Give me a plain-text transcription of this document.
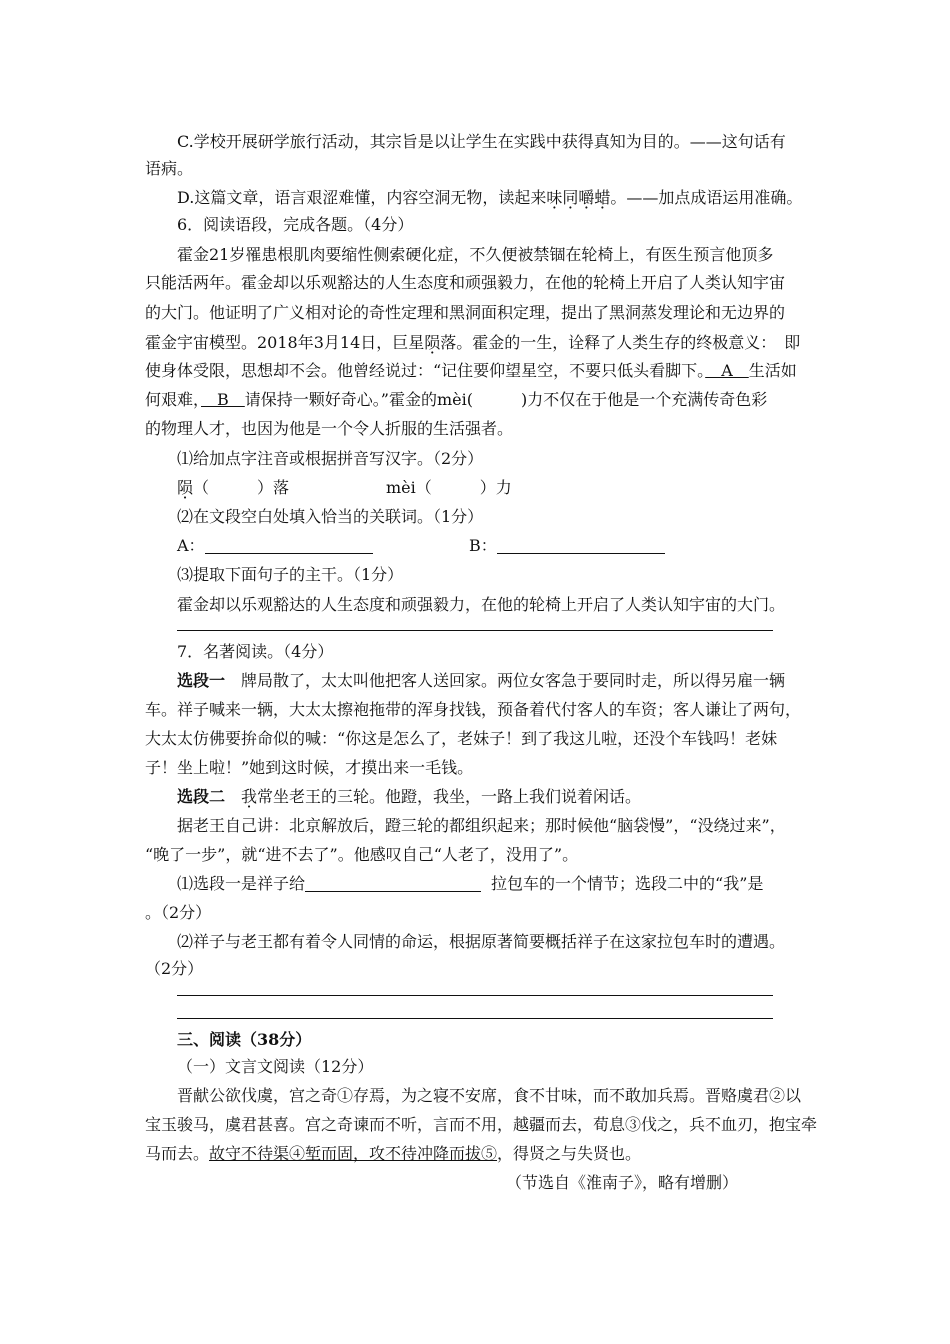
C.学校开展研学旅行活动，其宗旨是以让学生在实践中获得真知为目的。——这句话有
语病。
D.这篇文章，语言艰涩难懂，内容空洞无物，读起来味同嚼蜡。——加点成语运用准确。
6．阅读语段，完成各题。（4分）
霍金21岁罹患根肌肉要缩性侧索硬化症，不久便被禁锢在轮椅上，有医生预言他顶多
只能活两年。霍金却以乐观豁达的人生态度和顽强毅力，在他的轮椅上开启了人类认知宇宙
的大门。他证明了广义相对论的奇性定理和黑洞面积定理，提出了黑洞蒸发理论和无边界的
霍金宇宙模型。2018年3月14日，巨星陨落。霍金的一生，诠释了人类生存的终极意义：　即
使身体受限，思想却不会。他曾经说过：“记住要仰望星空，不要只低头看脚下。　A　生活如
何艰难，　B　请保持一颗好奇心。”霍金的mèi(　　　)力不仅在于他是一个充满传奇色彩
的物理人才，也因为他是一个令人折服的生活强者。
⑴给加点字注音或根据拼音写汉字。（2分）
陨（　　　）落	mèi（　　　）力
⑵在文段空白处填入恰当的关联词。（1分）
A：	B：
⑶提取下面句子的主干。（1分）
霍金却以乐观豁达的人生态度和顽强毅力，在他的轮椅上开启了人类认知宇宙的大门。
7．名著阅读。（4分）
选段一　牌局散了，太太叫他把客人送回家。两位女客急于要同时走，所以得另雇一辆
车。祥子喊来一辆，大太太擦袍拖带的浑身找钱，预备着代付客人的车资；客人谦让了两句，
大太太仿佛要拚命似的喊：“你这是怎么了，老妹子！到了我这儿啦，还没个车钱吗！老妹
子！坐上啦！”她到这时候，才摸出来一毛钱。
选段二　 我常坐老王的三轮。他蹬，我坐，一路上我们说着闲话。
据老王自己讲：北京解放后，蹬三轮的都组织起来；那时候他“脑袋慢”，“没绕过来”，
“晚了一步”，就“进不去了”。他感叹自己“人老了，没用了”。
⑴选段一是祥子给	拉包车的一个情节；选段二中的“我”是
。（2分）
⑵祥子与老王都有着令人同情的命运，根据原著简要概括祥子在这家拉包车时的遭遇。
（2分）
三、阅读（38分）
（一）文言文阅读（12分）
晋献公欲伐虞，宫之奇①存焉，为之寝不安席，食不甘味，而不敢加兵焉。晋赂虞君②以
宝玉骏马，虞君甚喜。宫之奇谏而不听，言而不用，越疆而去，荀息③伐之，兵不血刃，抱宝牵
马而去。故守不待渠④堑而固，攻不待冲降而拔⑤，得贤之与失贤也。
（节选自《淮南子》，略有增删）
